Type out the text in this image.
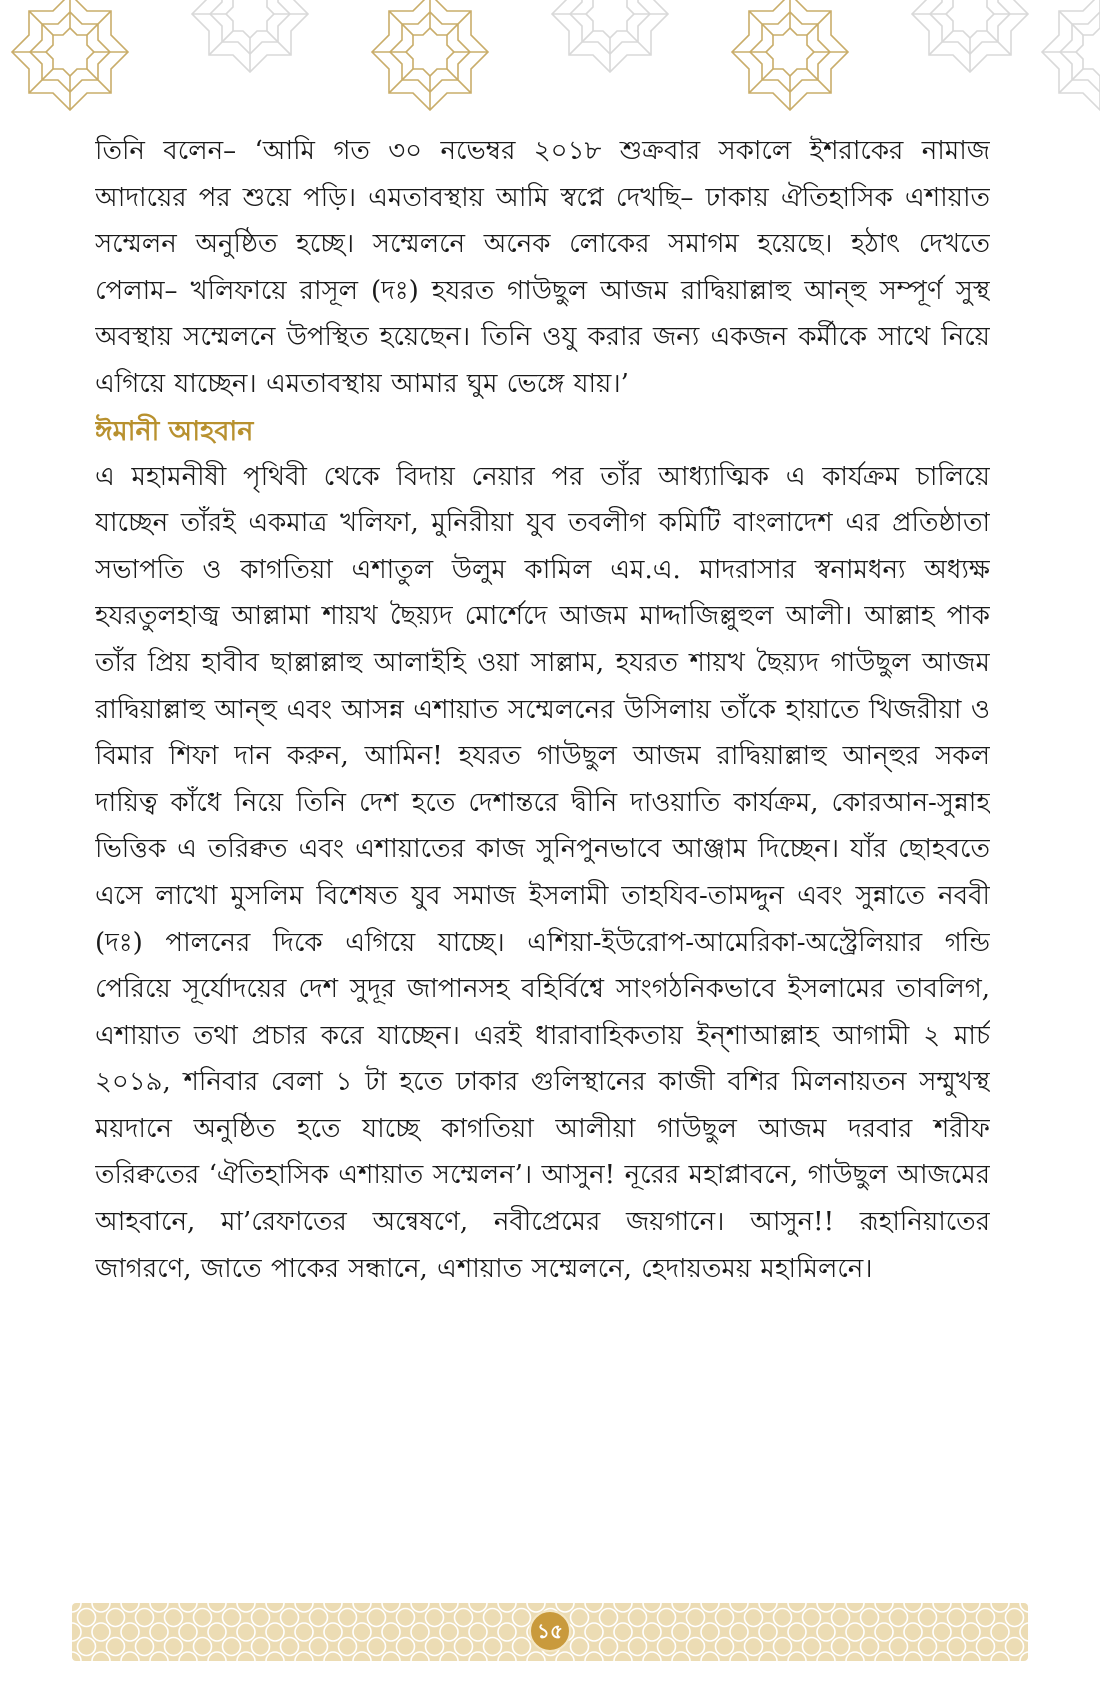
তিনি বলেন– ‘আমি গত ৩০ নভেম্বর ২০১৮ শুক্রবার সকালে ইশরাকের নামাজ আদায়ের পর শুয়ে পড়ি। এমতাবস্থায় আমি স্বপ্নে দেখছি– ঢাকায় ঐতিহাসিক এশায়াত সম্মেলন অনুষ্ঠিত হচ্ছে। সম্মেলনে অনেক লোকের সমাগম হয়েছে। হঠাৎ দেখতে পেলাম– খলিফায়ে রাসূল (দঃ) হযরত গাউছুল আজম রাদ্বিয়াল্লাহু আন্‌হু সম্পূর্ণ সুস্থ অবস্থায় সম্মেলনে উপস্থিত হয়েছেন। তিনি ওযু করার জন্য একজন কর্মীকে সাথে নিয়ে এগিয়ে যাচ্ছেন। এমতাবস্থায় আমার ঘুম ভেঙ্গে যায়।’

ঈমানী আহবান

এ মহামনীষী পৃথিবী থেকে বিদায় নেয়ার পর তাঁর আধ্যাত্মিক এ কার্যক্রম চালিয়ে যাচ্ছেন তাঁরই একমাত্র খলিফা, মুনিরীয়া যুব তবলীগ কমিটি বাংলাদেশ এর প্রতিষ্ঠাতা সভাপতি ও কাগতিয়া এশাতুল উলুম কামিল এম.এ. মাদরাসার স্বনামধন্য অধ্যক্ষ হযরতুলহাজ্ব আল্লামা শায়খ ছৈয়্যদ মোর্শেদে আজম মাদ্দাজিল্লুহুল আলী। আল্লাহ পাক তাঁর প্রিয় হাবীব ছাল্লাল্লাহু আলাইহি ওয়া সাল্লাম, হযরত শায়খ ছৈয়্যদ গাউছুল আজম রাদ্বিয়াল্লাহু আন্‌হু এবং আসন্ন এশায়াত সম্মেলনের উসিলায় তাঁকে হায়াতে খিজরীয়া ও বিমার শিফা দান করুন, আমিন! হযরত গাউছুল আজম রাদ্বিয়াল্লাহু আন্‌হুর সকল দায়িত্ব কাঁধে নিয়ে তিনি দেশ হতে দেশান্তরে দ্বীনি দাওয়াতি কার্যক্রম, কোরআন-সুন্নাহ ভিত্তিক এ তরিক্বত এবং এশায়াতের কাজ সুনিপুনভাবে আঞ্জাম দিচ্ছেন। যাঁর ছোহবতে এসে লাখো মুসলিম বিশেষত যুব সমাজ ইসলামী তাহযিব-তামদ্দুন এবং সুন্নাতে নববী (দঃ) পালনের দিকে এগিয়ে যাচ্ছে। এশিয়া-ইউরোপ-আমেরিকা-অস্ট্রেলিয়ার গন্ডি পেরিয়ে সূর্যোদয়ের দেশ সুদূর জাপানসহ বহির্বিশ্বে সাংগঠনিকভাবে ইসলামের তাবলিগ, এশায়াত তথা প্রচার করে যাচ্ছেন। এরই ধারাবাহিকতায় ইন্‌শাআল্লাহ আগামী ২ মার্চ ২০১৯, শনিবার বেলা ১ টা হতে ঢাকার গুলিস্থানের কাজী বশির মিলনায়তন সম্মুখস্থ ময়দানে অনুষ্ঠিত হতে যাচ্ছে কাগতিয়া আলীয়া গাউছুল আজম দরবার শরীফ তরিক্বতের ‘ঐতিহাসিক এশায়াত সম্মেলন’। আসুন! নূরের মহাপ্লাবনে, গাউছুল আজমের আহবানে, মা’রেফাতের অন্বেষণে, নবীপ্রেমের জয়গানে। আসুন!! রূহানিয়াতের জাগরণে, জাতে পাকের সন্ধানে, এশায়াত সম্মেলনে, হেদায়তময় মহামিলনে।

১৫
